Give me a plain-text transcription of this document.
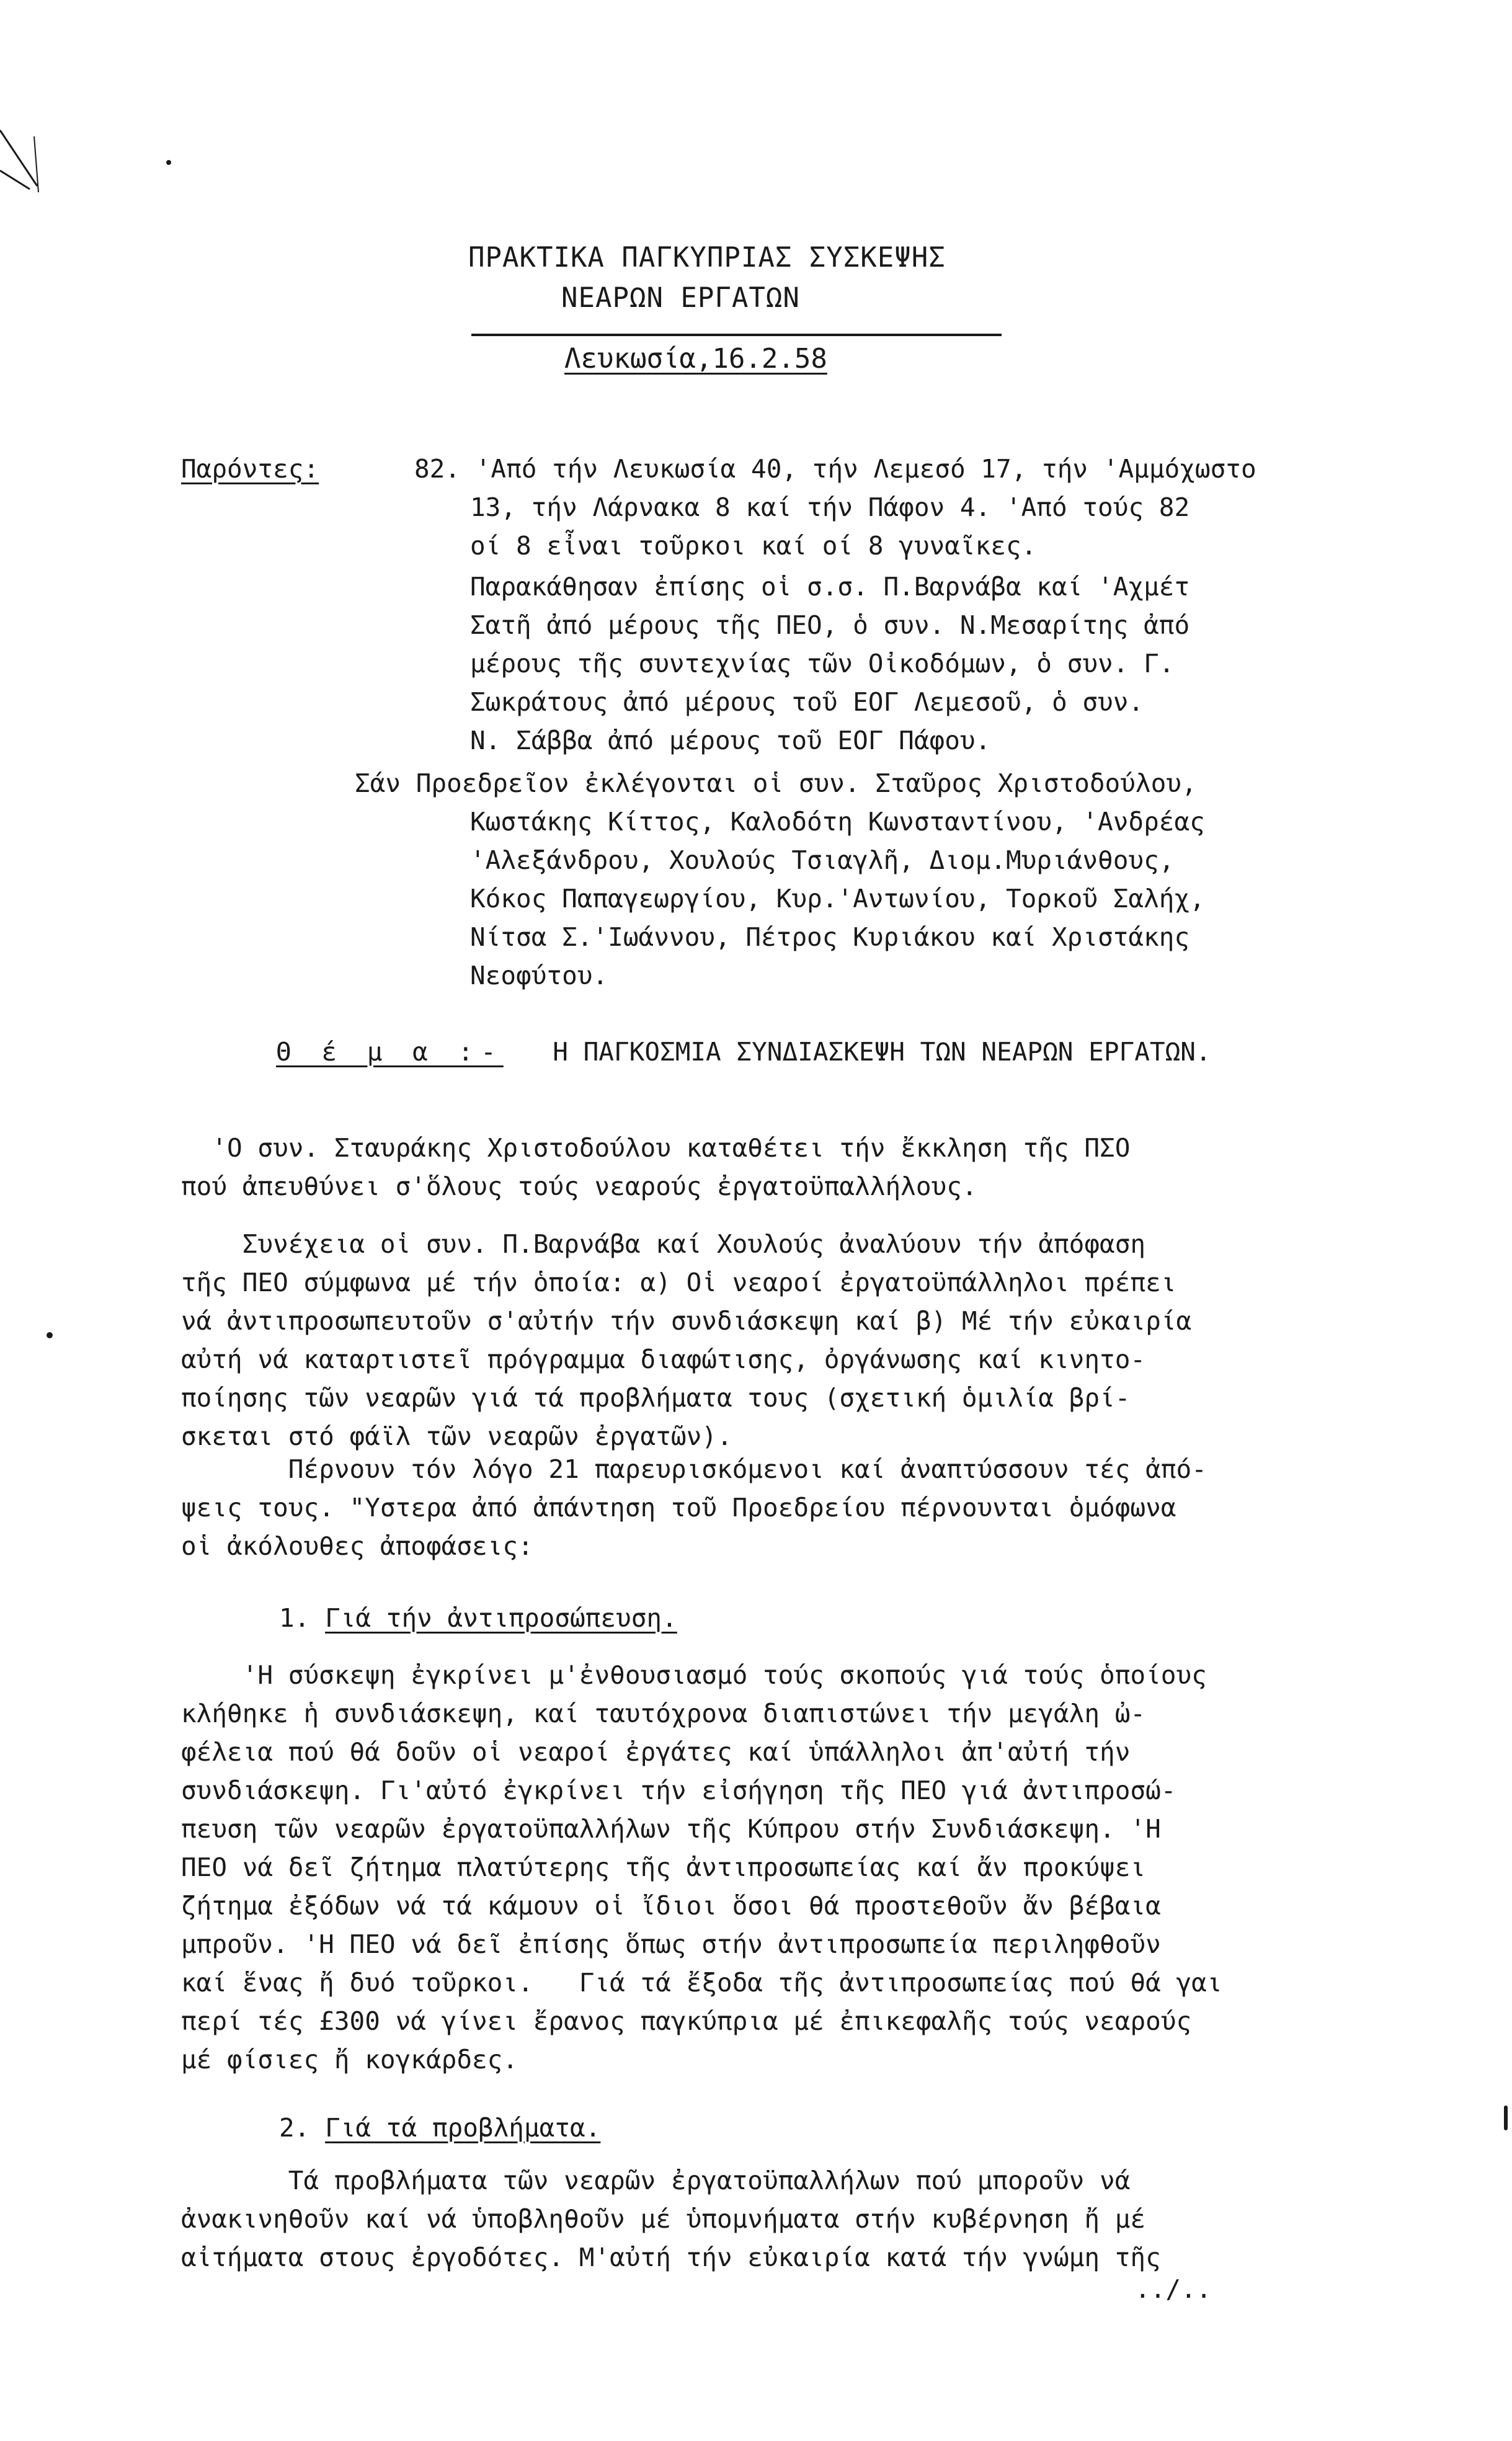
ΠΡΑΚΤΙΚΑ ΠΑΓΚΥΠΡΙΑΣ ΣΥΣΚΕΨΗΣ
ΝΕΑΡΩΝ ΕΡΓΑΤΩΝ
Λευκωσία,16.2.58
Παρόντες:	82. 'Από τήν Λευκωσία 40, τήν Λεμεσό 17, τήν 'Αμμόχωστο
13, τήν Λάρνακα 8 καί τήν Πάφον 4. 'Από τούς 82
οί 8 εἶναι τοῦρκοι καί οί 8 γυναῖκες.
Παρακάθησαν ἐπίσης οἱ σ.σ. Π.Βαρνάβα καί 'Αχμέτ
Σατῆ ἀπό μέρους τῆς ΠΕΟ, ὁ συν. Ν.Μεσαρίτης ἀπό
μέρους τῆς συντεχνίας τῶν Οἰκοδόμων, ὁ συν. Γ.
Σωκράτους ἀπό μέρους τοῦ ΕΟΓ Λεμεσοῦ, ὁ συν.
Ν. Σάββα ἀπό μέρους τοῦ ΕΟΓ Πάφου.
Σάν Προεδρεῖον ἐκλέγονται οἱ συν. Σταῦρος Χριστοδούλου,
Κωστάκης Κίττος, Καλοδότη Κωνσταντίνου, 'Ανδρέας
'Αλεξάνδρου, Χουλούς Τσιαγλῆ, Διομ.Μυριάνθους,
Κόκος Παπαγεωργίου, Κυρ.'Αντωνίου, Τορκοῦ Σαλήχ,
Νίτσα Σ.'Ιωάννου, Πέτρος Κυριάκου καί Χριστάκης
Νεοφύτου.
Θ έ μ α :- Η ΠΑΓΚΟΣΜΙΑ ΣΥΝΔΙΑΣΚΕΨΗ ΤΩΝ ΝΕΑΡΩΝ ΕΡΓΑΤΩΝ.
'Ο συν. Σταυράκης Χριστοδούλου καταθέτει τήν ἔκκληση τῆς ΠΣΟ
πού ἀπευθύνει σ'ὅλους τούς νεαρούς ἐργατοϋπαλλήλους.
Συνέχεια οἱ συν. Π.Βαρνάβα καί Χουλούς ἀναλύουν τήν ἀπόφαση
τῆς ΠΕΟ σύμφωνα μέ τήν ὁποία: α) Οἱ νεαροί ἐργατοϋπάλληλοι πρέπει
νά ἀντιπροσωπευτοῦν σ'αὐτήν τήν συνδιάσκεψη καί β) Μέ τήν εὐκαιρία
αὐτή νά καταρτιστεῖ πρόγραμμα διαφώτισης, ὀργάνωσης καί κινητο-
ποίησης τῶν νεαρῶν γιά τά προβλήματα τους (σχετική ὁμιλία βρί-
σκεται στό φάϊλ τῶν νεαρῶν ἐργατῶν).
Πέρνουν τόν λόγο 21 παρευρισκόμενοι καί ἀναπτύσσουν τές ἀπό-
ψεις τους. "Υστερα ἀπό ἀπάντηση τοῦ Προεδρείου πέρνουνται ὁμόφωνα
οἱ ἀκόλουθες ἀποφάσεις:
1. Γιά τήν ἀντιπροσώπευση.
'Η σύσκεψη ἐγκρίνει μ'ἐνθουσιασμό τούς σκοπούς γιά τούς ὁποίους
κλήθηκε ἡ συνδιάσκεψη, καί ταυτόχρονα διαπιστώνει τήν μεγάλη ὠ-
φέλεια πού θά δοῦν οἱ νεαροί ἐργάτες καί ὑπάλληλοι ἀπ'αὐτή τήν
συνδιάσκεψη. Γι'αὐτό ἐγκρίνει τήν εἰσήγηση τῆς ΠΕΟ γιά ἀντιπροσώ-
πευση τῶν νεαρῶν ἐργατοϋπαλλήλων τῆς Κύπρου στήν Συνδιάσκεψη. 'Η
ΠΕΟ νά δεῖ ζήτημα πλατύτερης τῆς ἀντιπροσωπείας καί ἄν προκύψει
ζήτημα ἐξόδων νά τά κάμουν οἱ ἴδιοι ὅσοι θά προστεθοῦν ἄν βέβαια
μπροῦν. 'Η ΠΕΟ νά δεῖ ἐπίσης ὅπως στήν ἀντιπροσωπεία περιληφθοῦν
καί ἕνας ἤ δυό τοῦρκοι.   Γιά τά ἔξοδα τῆς ἀντιπροσωπείας πού θά γαι
περί τές £300 νά γίνει ἔρανος παγκύπρια μέ ἐπικεφαλῆς τούς νεαρούς
μέ φίσιες ἤ κογκάρδες.
2. Γιά τά προβλήματα.
Τά προβλήματα τῶν νεαρῶν ἐργατοϋπαλλήλων πού μποροῦν νά
ἀνακινηθοῦν καί νά ὑποβληθοῦν μέ ὑπομνήματα στήν κυβέρνηση ἤ μέ
αἰτήματα στους ἐργοδότες. Μ'αὐτή τήν εὐκαιρία κατά τήν γνώμη τῆς
../..
